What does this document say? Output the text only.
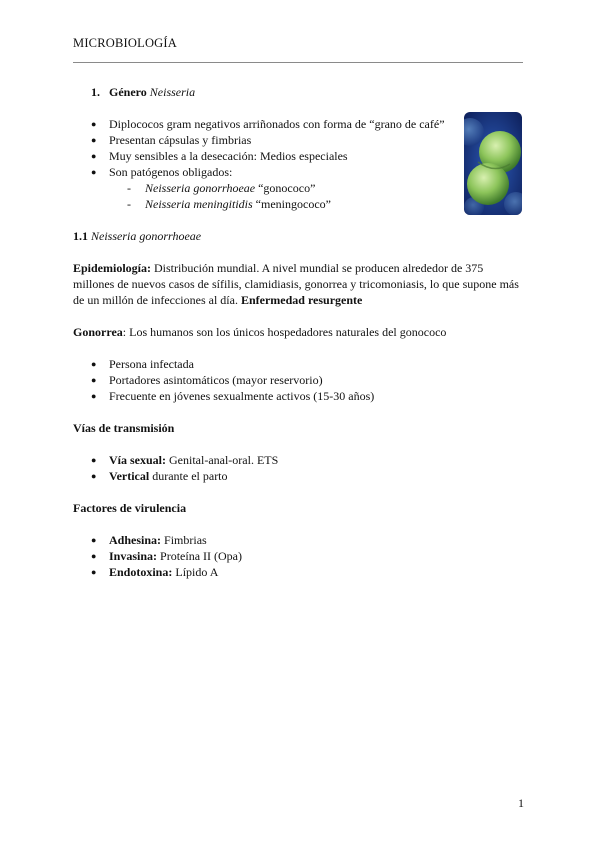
MICROBIOLOGÍA
1. Género Neisseria
● Diplococos gram negativos arriñonados con forma de “grano de café”
● Presentan cápsulas y fimbrias
● Muy sensibles a la desecación: Medios especiales
● Son patógenos obligados:
- Neisseria gonorrhoeae “gonococo”
- Neisseria meningitidis “meningococo”
1.1 Neisseria gonorrhoeae
Epidemiología: Distribución mundial. A nivel mundial se producen alrededor de 375
millones de nuevos casos de sífilis, clamidiasis, gonorrea y tricomoniasis, lo que supone más
de un millón de infecciones al día. Enfermedad resurgente
Gonorrea: Los humanos son los únicos hospedadores naturales del gonococo
● Persona infectada
● Portadores asintomáticos (mayor reservorio)
● Frecuente en jóvenes sexualmente activos (15-30 años)
Vías de transmisión
● Vía sexual: Genital-anal-oral. ETS
● Vertical durante el parto
Factores de virulencia
● Adhesina: Fimbrias
● Invasina: Proteína II (Opa)
● Endotoxina: Lípido A
1
